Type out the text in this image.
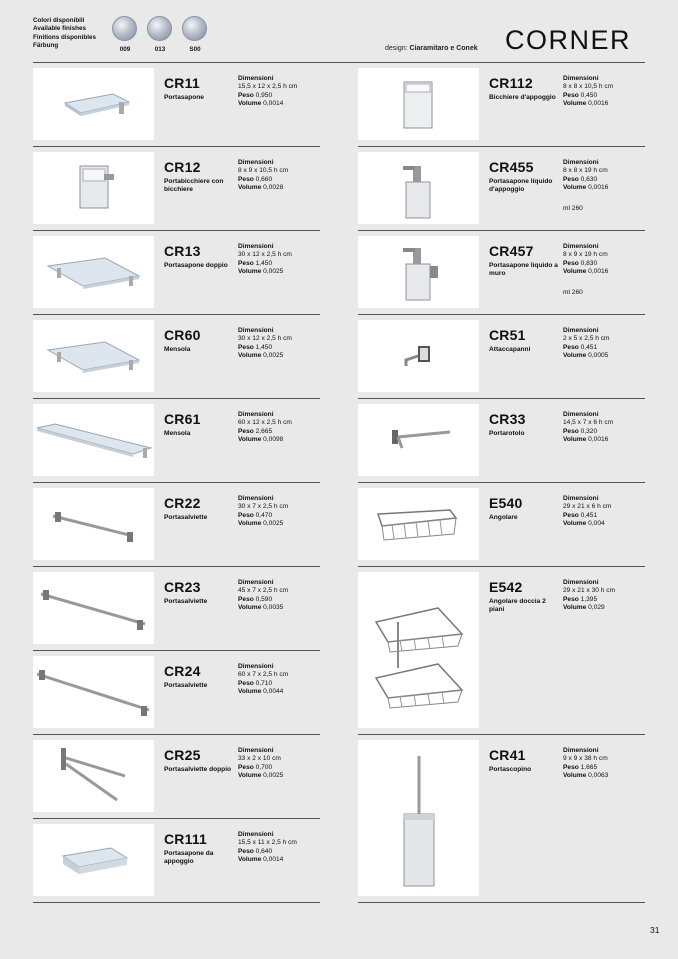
Colori disponibili
Available finishes
Finitions disponibles
Färbung
009	013	S00	design: Ciaramitaro e Conek CORNER
CR11
Portasapone
Dimensioni
15,5 x 12 x 2,5 h cm
Peso 0,950
Volume 0,0014
CR12
Portabicchiere con bicchiere
Dimensioni
8 x 9 x 10,5 h cm
Peso 0,660
Volume 0,0028
CR13
Portasapone doppio
Dimensioni
30 x 12 x 2,5 h cm
Peso 1,450
Volume 0,0025
CR60
Mensola
Dimensioni
30 x 12 x 2,5 h cm
Peso 1,450
Volume 0,0025
CR61
Mensola
Dimensioni
60 x 12 x 2,5 h cm
Peso 2,665
Volume 0,0098
CR22
Portasalviette
Dimensioni
30 x 7 x 2,5 h cm
Peso 0,470
Volume 0,0025
CR23
Portasalviette
Dimensioni
45 x 7 x 2,5 h cm
Peso 0,590
Volume 0,0035
CR24
Portasalviette
Dimensioni
60 x 7 x 2,5 h cm
Peso 0,710
Volume 0,0044
CR25
Portasalviette doppio
Dimensioni
33 x 2 x 10 cm
Peso 0,700
Volume 0,0025
CR111
Portasapone da appoggio
Dimensioni
15,5 x 11 x 2,5 h cm
Peso 0,640
Volume 0,0014
CR112
Bicchiere d'appoggio
Dimensioni
8 x 8 x 10,5 h cm
Peso 0,450
Volume 0,0016
CR455
Portasapone liquido d'appoggio
Dimensioni
8 x 8 x 19 h cm
Peso 0,630
Volume 0,0016
ml 260
CR457
Portasapone liquido a muro
Dimensioni
8 x 9 x 19 h cm
Peso 0,830
Volume 0,0016
ml 260
CR51
Attaccapanni
Dimensioni
2 x 5 x 2,5 h cm
Peso 0,451
Volume 0,0005
CR33
Portarotolo
Dimensioni
14,5 x 7 x 6 h cm
Peso 0,320
Volume 0,0016
E540
Angolare
Dimensioni
29 x 21 x 6 h cm
Peso 0,451
Volume 0,004
E542
Angolare doccia 2 piani
Dimensioni
29 x 21 x 30 h cm
Peso 1,395
Volume 0,029
CR41
Portascopino
Dimensioni
9 x 9 x 38 h cm
Peso 1,665
Volume 0,0063
31
